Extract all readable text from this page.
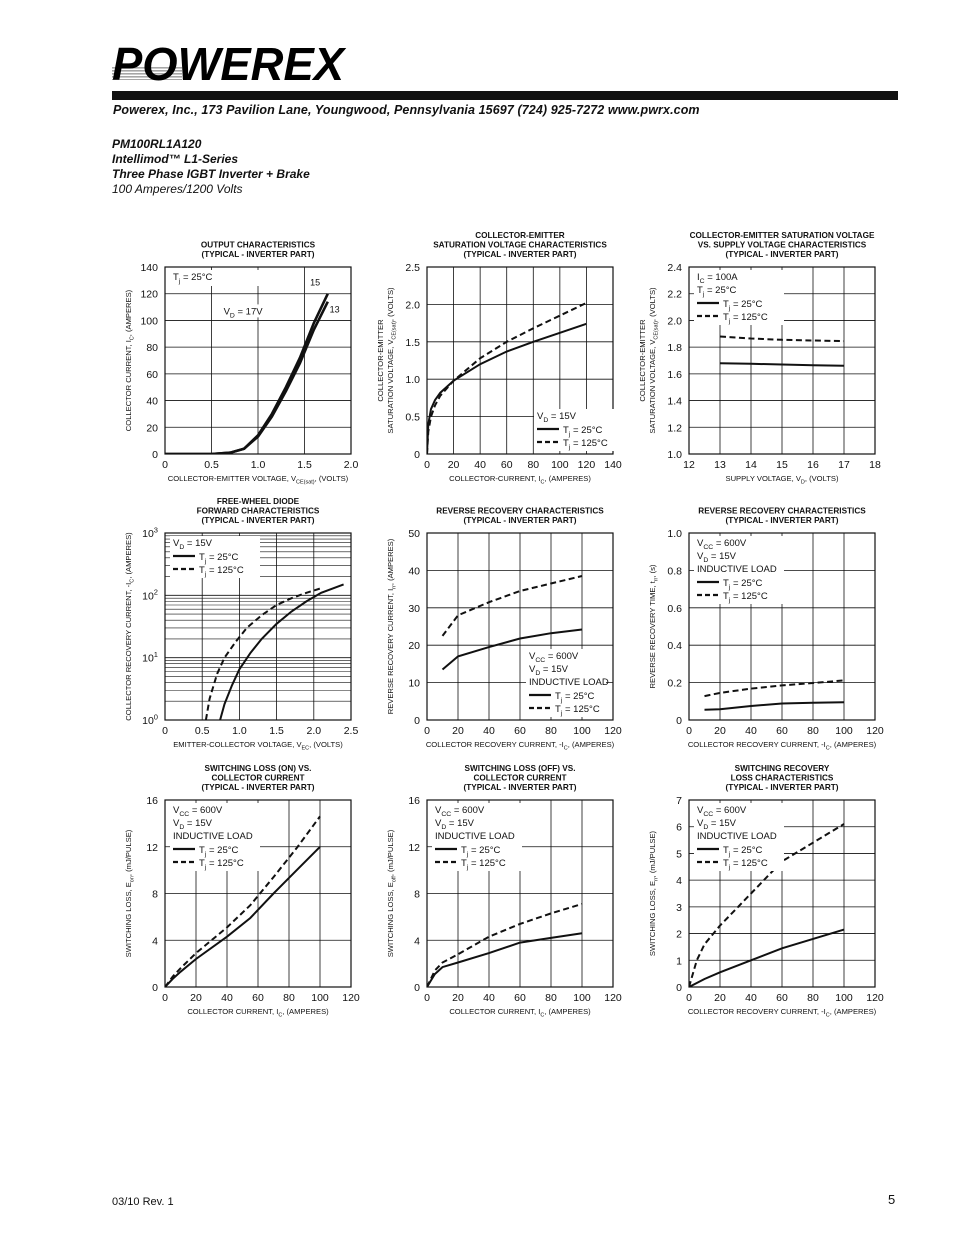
POWEREX
Powerex, Inc., 173 Pavilion Lane, Youngwood, Pennsylvania 15697 (724) 925-7272 www.pwrx.com
PM100RL1A120
Intellimod™ L1-Series
Three Phase IGBT Inverter + Brake
100 Amperes/1200 Volts
OUTPUT CHARACTERISTICS
(TYPICAL - INVERTER PART)
0	0.5	1.0	1.5	2.0
0
20
40
60
80
100
120
140
COLLECTOR-EMITTER VOLTAGE, $V_{CE(sat)}$, (VOLTS)
COLLECTOR CURRENT, $I_C$, (AMPERES)
$T_j = 25^\circ C$
$V_D = 17V$
15
13
COLLECTOR-EMITTER
SATURATION VOLTAGE CHARACTERISTICS
(TYPICAL - INVERTER PART)
0 20 40 60 80 100 120 140
0
0.5
1.0
1.5
2.0
2.5
COLLECTOR-CURRENT, $I_C$, (AMPERES)
COLLECTOR-EMITTER SATURATION VOLTAGE, $V_{CE(sat)}$, (VOLTS)
$V_D = 15V$
$T_j = 25^\circ C$
$T_j = 125^\circ C$
COLLECTOR-EMITTER SATURATION VOLTAGE
VS. SUPPLY VOLTAGE CHARACTERISTICS
(TYPICAL - INVERTER PART)
12 13 14 15 16 17 18
1.0
1.2
1.4
1.6
1.8
2.0
2.2
2.4
SUPPLY VOLTAGE, $V_D$, (VOLTS)
COLLECTOR-EMITTER SATURATION VOLTAGE, $V_{CE(sat)}$, (VOLTS)
$I_C = 100A$
$T_j = 25^\circ C$
$T_j = 25^\circ C$
$T_j = 125^\circ C$
FREE-WHEEL DIODE
FORWARD CHARACTERISTICS
(TYPICAL - INVERTER PART)
0	0.5 1.0 1.5 2.0 2.5
$10^0$
$10^1$
$10^2$
$10^3$
EMITTER-COLLECTOR VOLTAGE, $V_{EC}$, (VOLTS)
COLLECTOR RECOVERY CURRENT, $-I_C$, (AMPERES)	$V_D = 15V$
$T_j = 25^\circ C$
$T_j = 125^\circ C$
REVERSE RECOVERY CHARACTERISTICS
(TYPICAL - INVERTER PART)
0 20 40 60 80 100 120
0
10
20
30
40
50
COLLECTOR RECOVERY CURRENT, $-I_C$, (AMPERES)
REVERSE RECOVERY CURRENT, $I_{rr}$, (AMPERES)
$V_{CC} = 600V$
$V_D = 15V$
INDUCTIVE LOAD
$T_j = 25^\circ C$
$T_j = 125^\circ C$
REVERSE RECOVERY CHARACTERISTICS
(TYPICAL - INVERTER PART)
0 20 40 60 80 100 120
0
0.2
0.4
0.6
0.8
1.0
COLLECTOR RECOVERY CURRENT, $-I_C$, (AMPERES)
REVERSE RECOVERY TIME, $t_{rr}$, (s)
$V_{CC} = 600V$
$V_D = 15V$
INDUCTIVE LOAD
$T_j = 25^\circ C$
$T_j = 125^\circ C$
SWITCHING LOSS (ON) VS.
COLLECTOR CURRENT
(TYPICAL - INVERTER PART)
0 20 40 60 80 100 120
0
4
8
12
16
COLLECTOR CURRENT, $I_C$, (AMPERES)
SWITCHING LOSS, $E_{on}$, (mJ/PULSE)
$V_{CC} = 600V$
$V_D = 15V$
INDUCTIVE LOAD
$T_j = 25^\circ C$
$T_j = 125^\circ C$
SWITCHING LOSS (OFF) VS.
COLLECTOR CURRENT
(TYPICAL - INVERTER PART)
0 20 40 60 80 100 120
0
4
8
12
16
COLLECTOR CURRENT, $I_C$, (AMPERES)
SWITCHING LOSS, $E_{off}$, (mJ/PULSE)
$V_{CC} = 600V$
$V_D = 15V$
INDUCTIVE LOAD
$T_j = 25^\circ C$
$T_j = 125^\circ C$
SWITCHING RECOVERY
LOSS CHARACTERISTICS
(TYPICAL - INVERTER PART)
0 20 40 60 80 100 120
0
1
2
3
4
5
6
7
COLLECTOR RECOVERY CURRENT, $-I_C$, (AMPERES)
SWITCHING LOSS, $E_{rr}$, (mJ/PULSE)
$V_{CC} = 600V$
$V_D = 15V$
INDUCTIVE LOAD
$T_j = 25^\circ C$
$T_j = 125^\circ C$
03/10 Rev. 1	5
